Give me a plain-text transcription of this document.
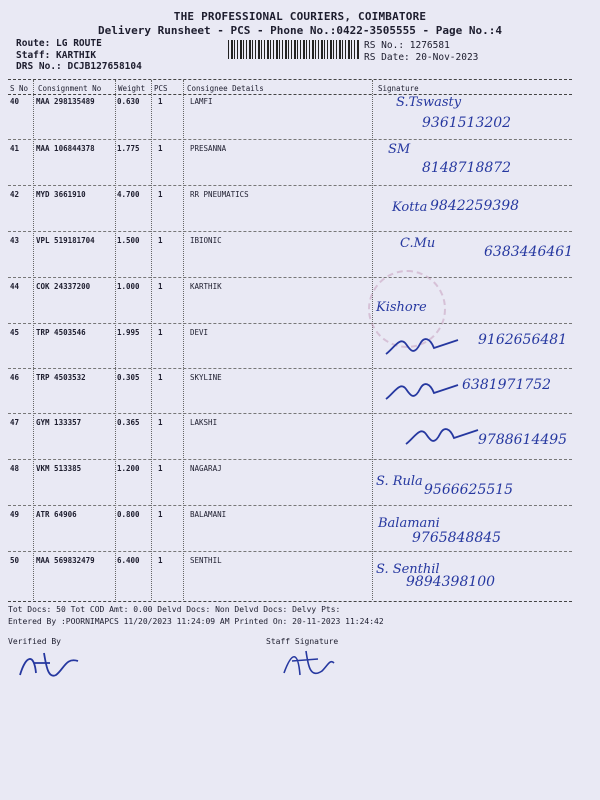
THE PROFESSIONAL COURIERS, COIMBATORE
Delivery Runsheet - PCS - Phone No.:0422-3505555 - Page No.:4
Route: LG ROUTE
Staff: KARTHIK
DRS No.: DCJB127658104
RS No.: 1276581
RS Date: 20-Nov-2023
S No Consignment No Weight PCS	Consignee Details	Signature
40 MAA 298135489	0.630 1	LAMFI	S.Tswasty
9361513202
41 MAA 106844378	1.775 1	PRESANNA	SM
8148718872
42 MYD 3661910	4.700 1	RR PNEUMATICS
Kotta 9842259398
43 VPL 519181704	1.500 1	IBIONIC	C.Mu
6383446461
44 COK 24337200	1.000 1	KARTHIK
Kishore
45 TRP 4503546	1.995 1	DEVI	9162656481
46 TRP 4503532	0.305 1	SKYLINE	6381971752
47 GYM 133357	0.365 1	LAKSHI
9788614495
48 VKM 513385	1.200 1	NAGARAJ
S. Rula
9566625515
49 ATR 64906	0.800 1	BALAMANI
Balamani
9765848845
50 MAA 569832479	6.400 1	SENTHIL
S. Senthil
9894398100
Tot Docs: 50 Tot COD Amt: 0.00 Delvd Docs: Non Delvd Docs: Delvy Pts:
Entered By :POORNIMAPCS 11/20/2023 11:24:09 AM Printed On: 20-11-2023 11:24:42
Verified By	Staff Signature
